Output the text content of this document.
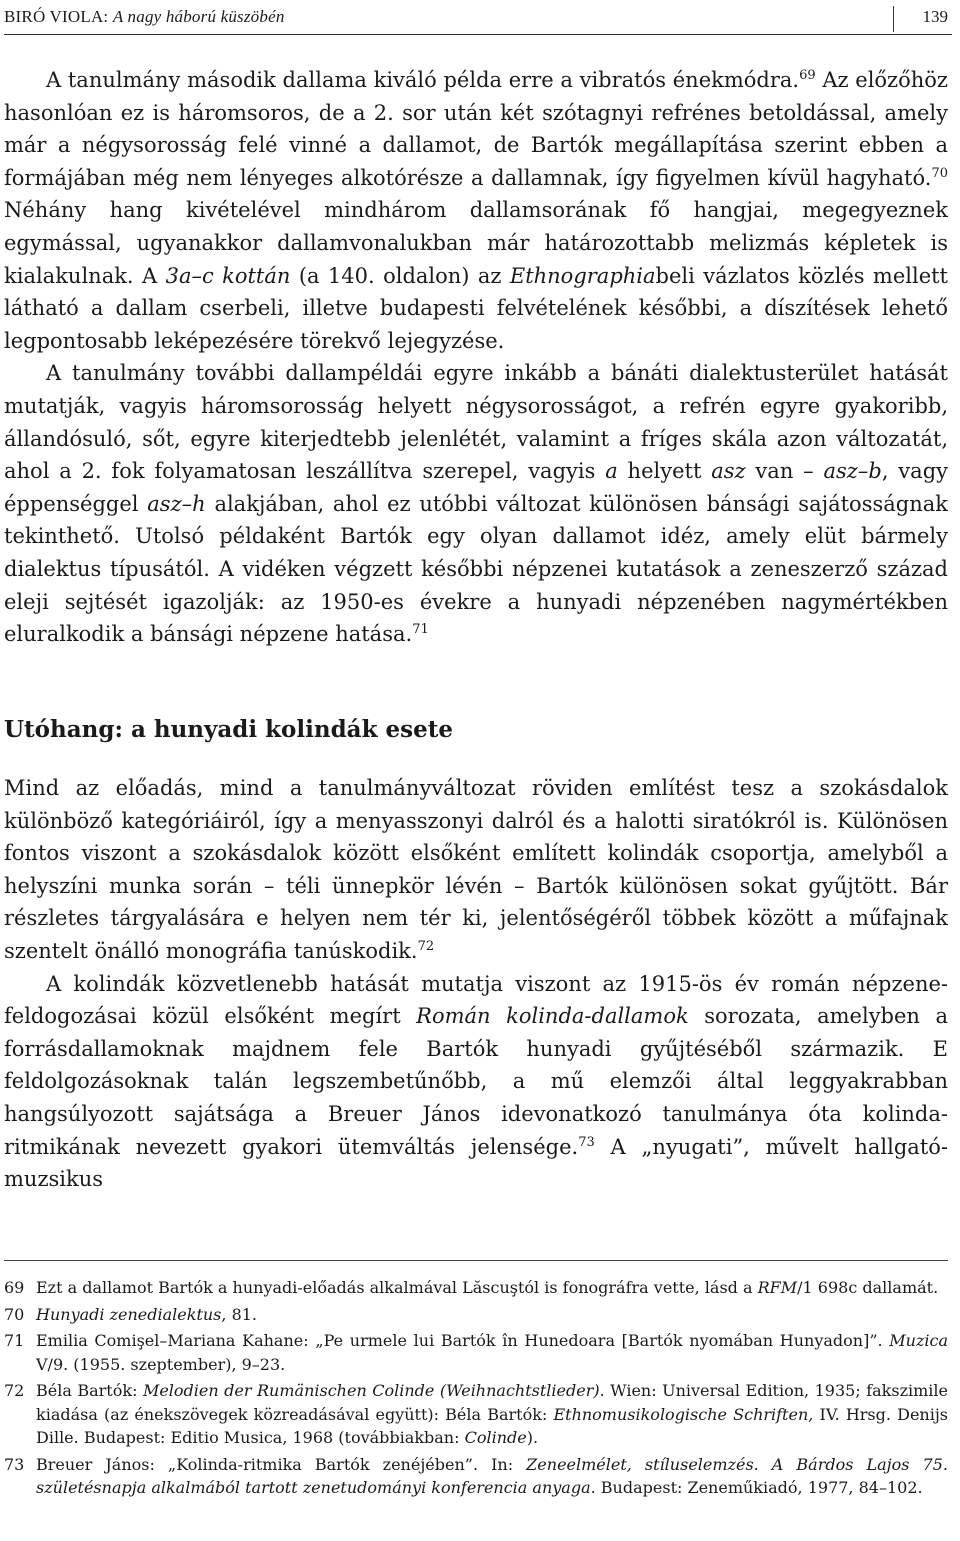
BIRÓ VIOLA: A nagy háború küszöbén	139

A tanulmány második dallama kiváló példa erre a vibratós énekmódra.$^{69}$ Az előzőhöz hasonlóan ez is háromsoros, de a 2. sor után két szótagnyi refrénes betoldással, amely már a négysorosság felé vinné a dallamot, de Bartók megállapítása szerint ebben a formájában még nem lényeges alkotórésze a dallamnak, így figyelmen kívül hagyható.$^{70}$ Néhány hang kivételével mindhárom dallamsorának fő hangjai, megegyeznek egymással, ugyanakkor dallamvonalukban már határozottabb melizmás képletek is kialakulnak. A 3a–c kottán (a 140. oldalon) az Ethnographiabeli vázlatos közlés mellett látható a dallam cserbeli, illetve budapesti felvételének későbbi, a díszítések lehető legpontosabb leképezésére törekvő lejegyzése.

A tanulmány további dallampéldái egyre inkább a bánáti dialektusterület hatását mutatják, vagyis háromsorosság helyett négysorosságot, a refrén egyre gyakoribb, állandósuló, sőt, egyre kiterjedtebb jelenlétét, valamint a fríges skála azon változatát, ahol a 2. fok folyamatosan leszállítva szerepel, vagyis a helyett asz van – asz–b, vagy éppenséggel asz–h alakjában, ahol ez utóbbi változat különösen bánsági sajátosságnak tekinthető. Utolsó példaként Bartók egy olyan dallamot idéz, amely elüt bármely dialektus típusától. A vidéken végzett későbbi népzenei kutatások a zeneszerző század eleji sejtését igazolják: az 1950-es évekre a hunyadi népzenében nagymértékben eluralkodik a bánsági népzene hatása.$^{71}$

Utóhang: a hunyadi kolindák esete

Mind az előadás, mind a tanulmányváltozat röviden említést tesz a szokásdalok különböző kategóriáiról, így a menyasszonyi dalról és a halotti siratókról is. Különösen fontos viszont a szokásdalok között elsőként említett kolindák csoportja, amelyből a helyszíni munka során – téli ünnepkör lévén – Bartók különösen sokat gyűjtött. Bár részletes tárgyalására e helyen nem tér ki, jelentőségéről többek között a műfajnak szentelt önálló monográfia tanúskodik.$^{72}$

A kolindák közvetlenebb hatását mutatja viszont az 1915-ös év román népzene-feldogozásai közül elsőként megírt Román kolinda-dallamok sorozata, amelyben a forrásdallamoknak majdnem fele Bartók hunyadi gyűjtéséből származik. E feldolgozásoknak talán legszembetűnőbb, a mű elemzői által leggyakrabban hangsúlyozott sajátsága a Breuer János idevonatkozó tanulmánya óta kolinda-ritmikának nevezett gyakori ütemváltás jelensége.$^{73}$ A „nyugati”, művelt hallgató-muzsikus

69 Ezt a dallamot Bartók a hunyadi-előadás alkalmával Lăscuştól is fonográfra vette, lásd a RFM/1 698c dallamát.
70 Hunyadi zenedialektus, 81.
71 Emilia Comişel–Mariana Kahane: „Pe urmele lui Bartók în Hunedoara [Bartók nyomában Hunyadon]”. Muzica V/9. (1955. szeptember), 9–23.
72 Béla Bartók: Melodien der Rumänischen Colinde (Weihnachtstlieder). Wien: Universal Edition, 1935; fakszimile kiadása (az énekszövegek közreadásával együtt): Béla Bartók: Ethnomusikologische Schriften, IV. Hrsg. Denijs Dille. Budapest: Editio Musica, 1968 (továbbiakban: Colinde).
73 Breuer János: „Kolinda-ritmika Bartók zenéjében”. In: Zeneelmélet, stíluselemzés. A Bárdos Lajos 75. születésnapja alkalmából tartott zenetudományi konferencia anyaga. Budapest: Zeneműkiadó, 1977, 84–102.
